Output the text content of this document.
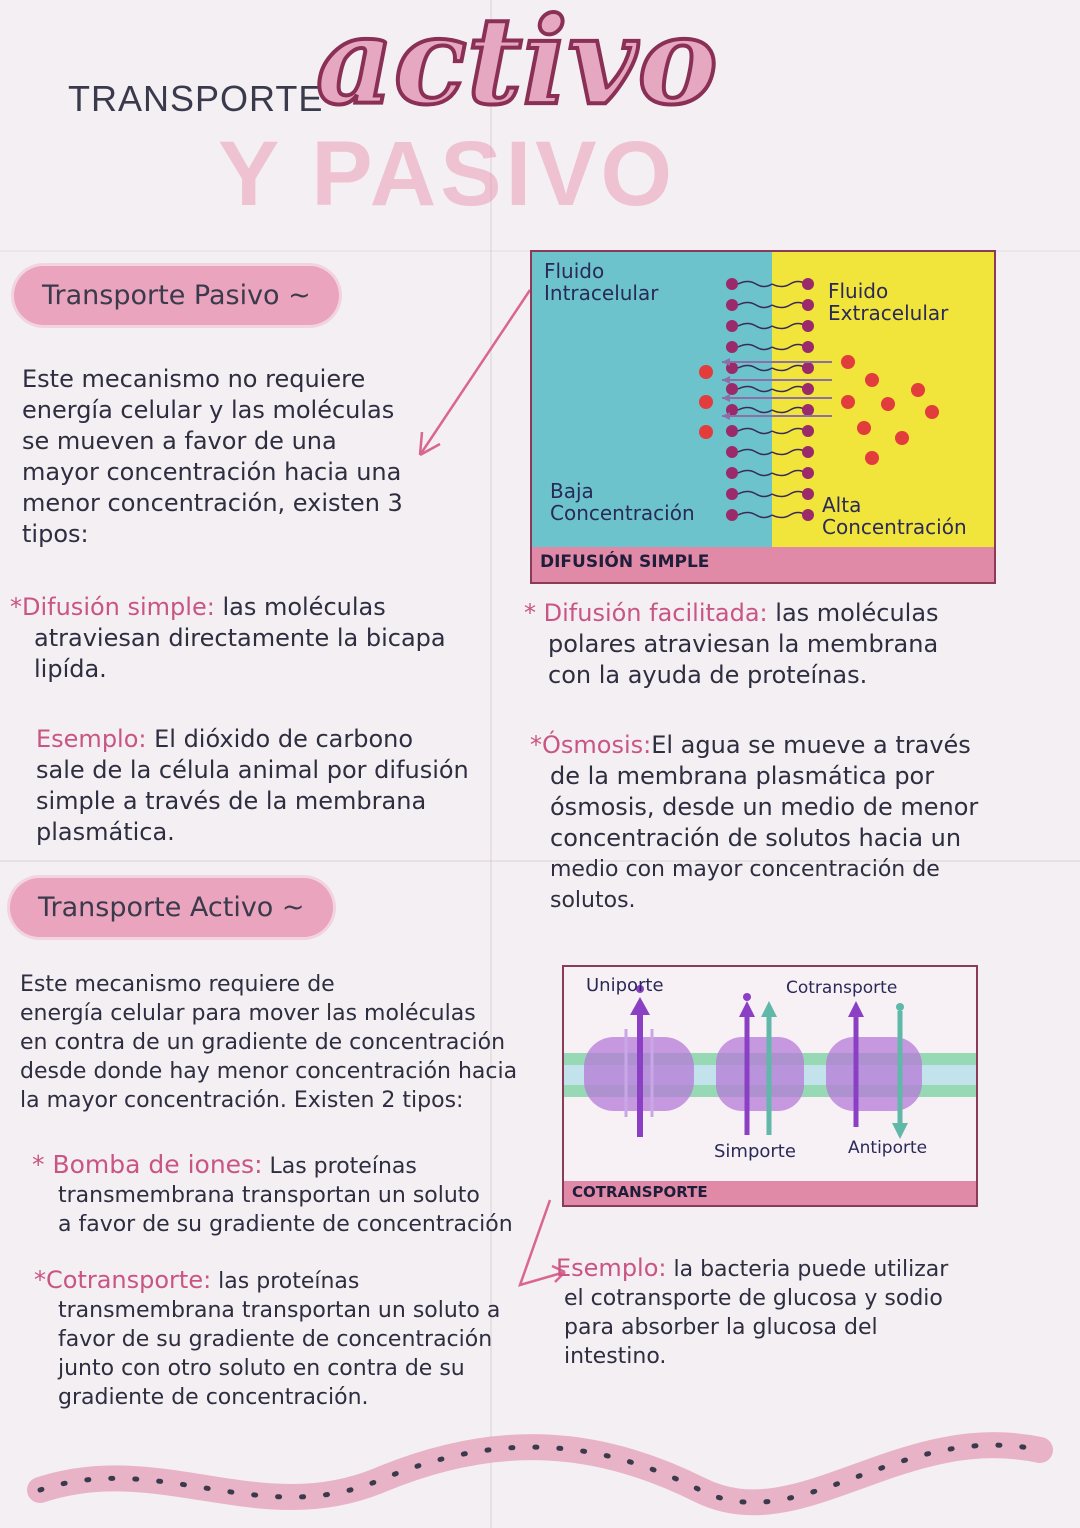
TRANSPORTE
activo
Y PASIVO
Transporte Pasivo ~
Este mecanismo no requiere
energía celular y las moléculas
se mueven a favor de una
mayor concentración hacia una
menor concentración, existen 3
tipos:
*Difusión simple: las moléculas
atraviesan directamente la bicapa
lipída.
Esemplo: El dióxido de carbono
sale de la célula animal por difusión
simple a través de la membrana
plasmática.
Fluido
Intracelular	Fluido
Extracelular
Baja
Concentración	Alta
Concentración
DIFUSIÓN SIMPLE
* Difusión facilitada: las moléculas
polares atraviesan la membrana
con la ayuda de proteínas.
*Ósmosis:El agua se mueve a través
de la membrana plasmática por
ósmosis, desde un medio de menor
concentración de solutos hacia un
medio con mayor concentración de solutos.
Transporte Activo ~
Este mecanismo requiere de
energía celular para mover las moléculas
en contra de un gradiente de concentración
desde donde hay menor concentración hacia
la mayor concentración. Existen 2 tipos:
* Bomba de iones: Las proteínas
transmembrana transportan un soluto
a favor de su gradiente de concentración
*Cotransporte: las proteínas
transmembrana transportan un soluto a
favor de su gradiente de concentración
junto con otro soluto en contra de su
gradiente de concentración.
Uniporte	Cotransporte
Simporte	Antiporte
COTRANSPORTE
Esemplo: la bacteria puede utilizar
el cotransporte de glucosa y sodio
para absorber la glucosa del
intestino.
